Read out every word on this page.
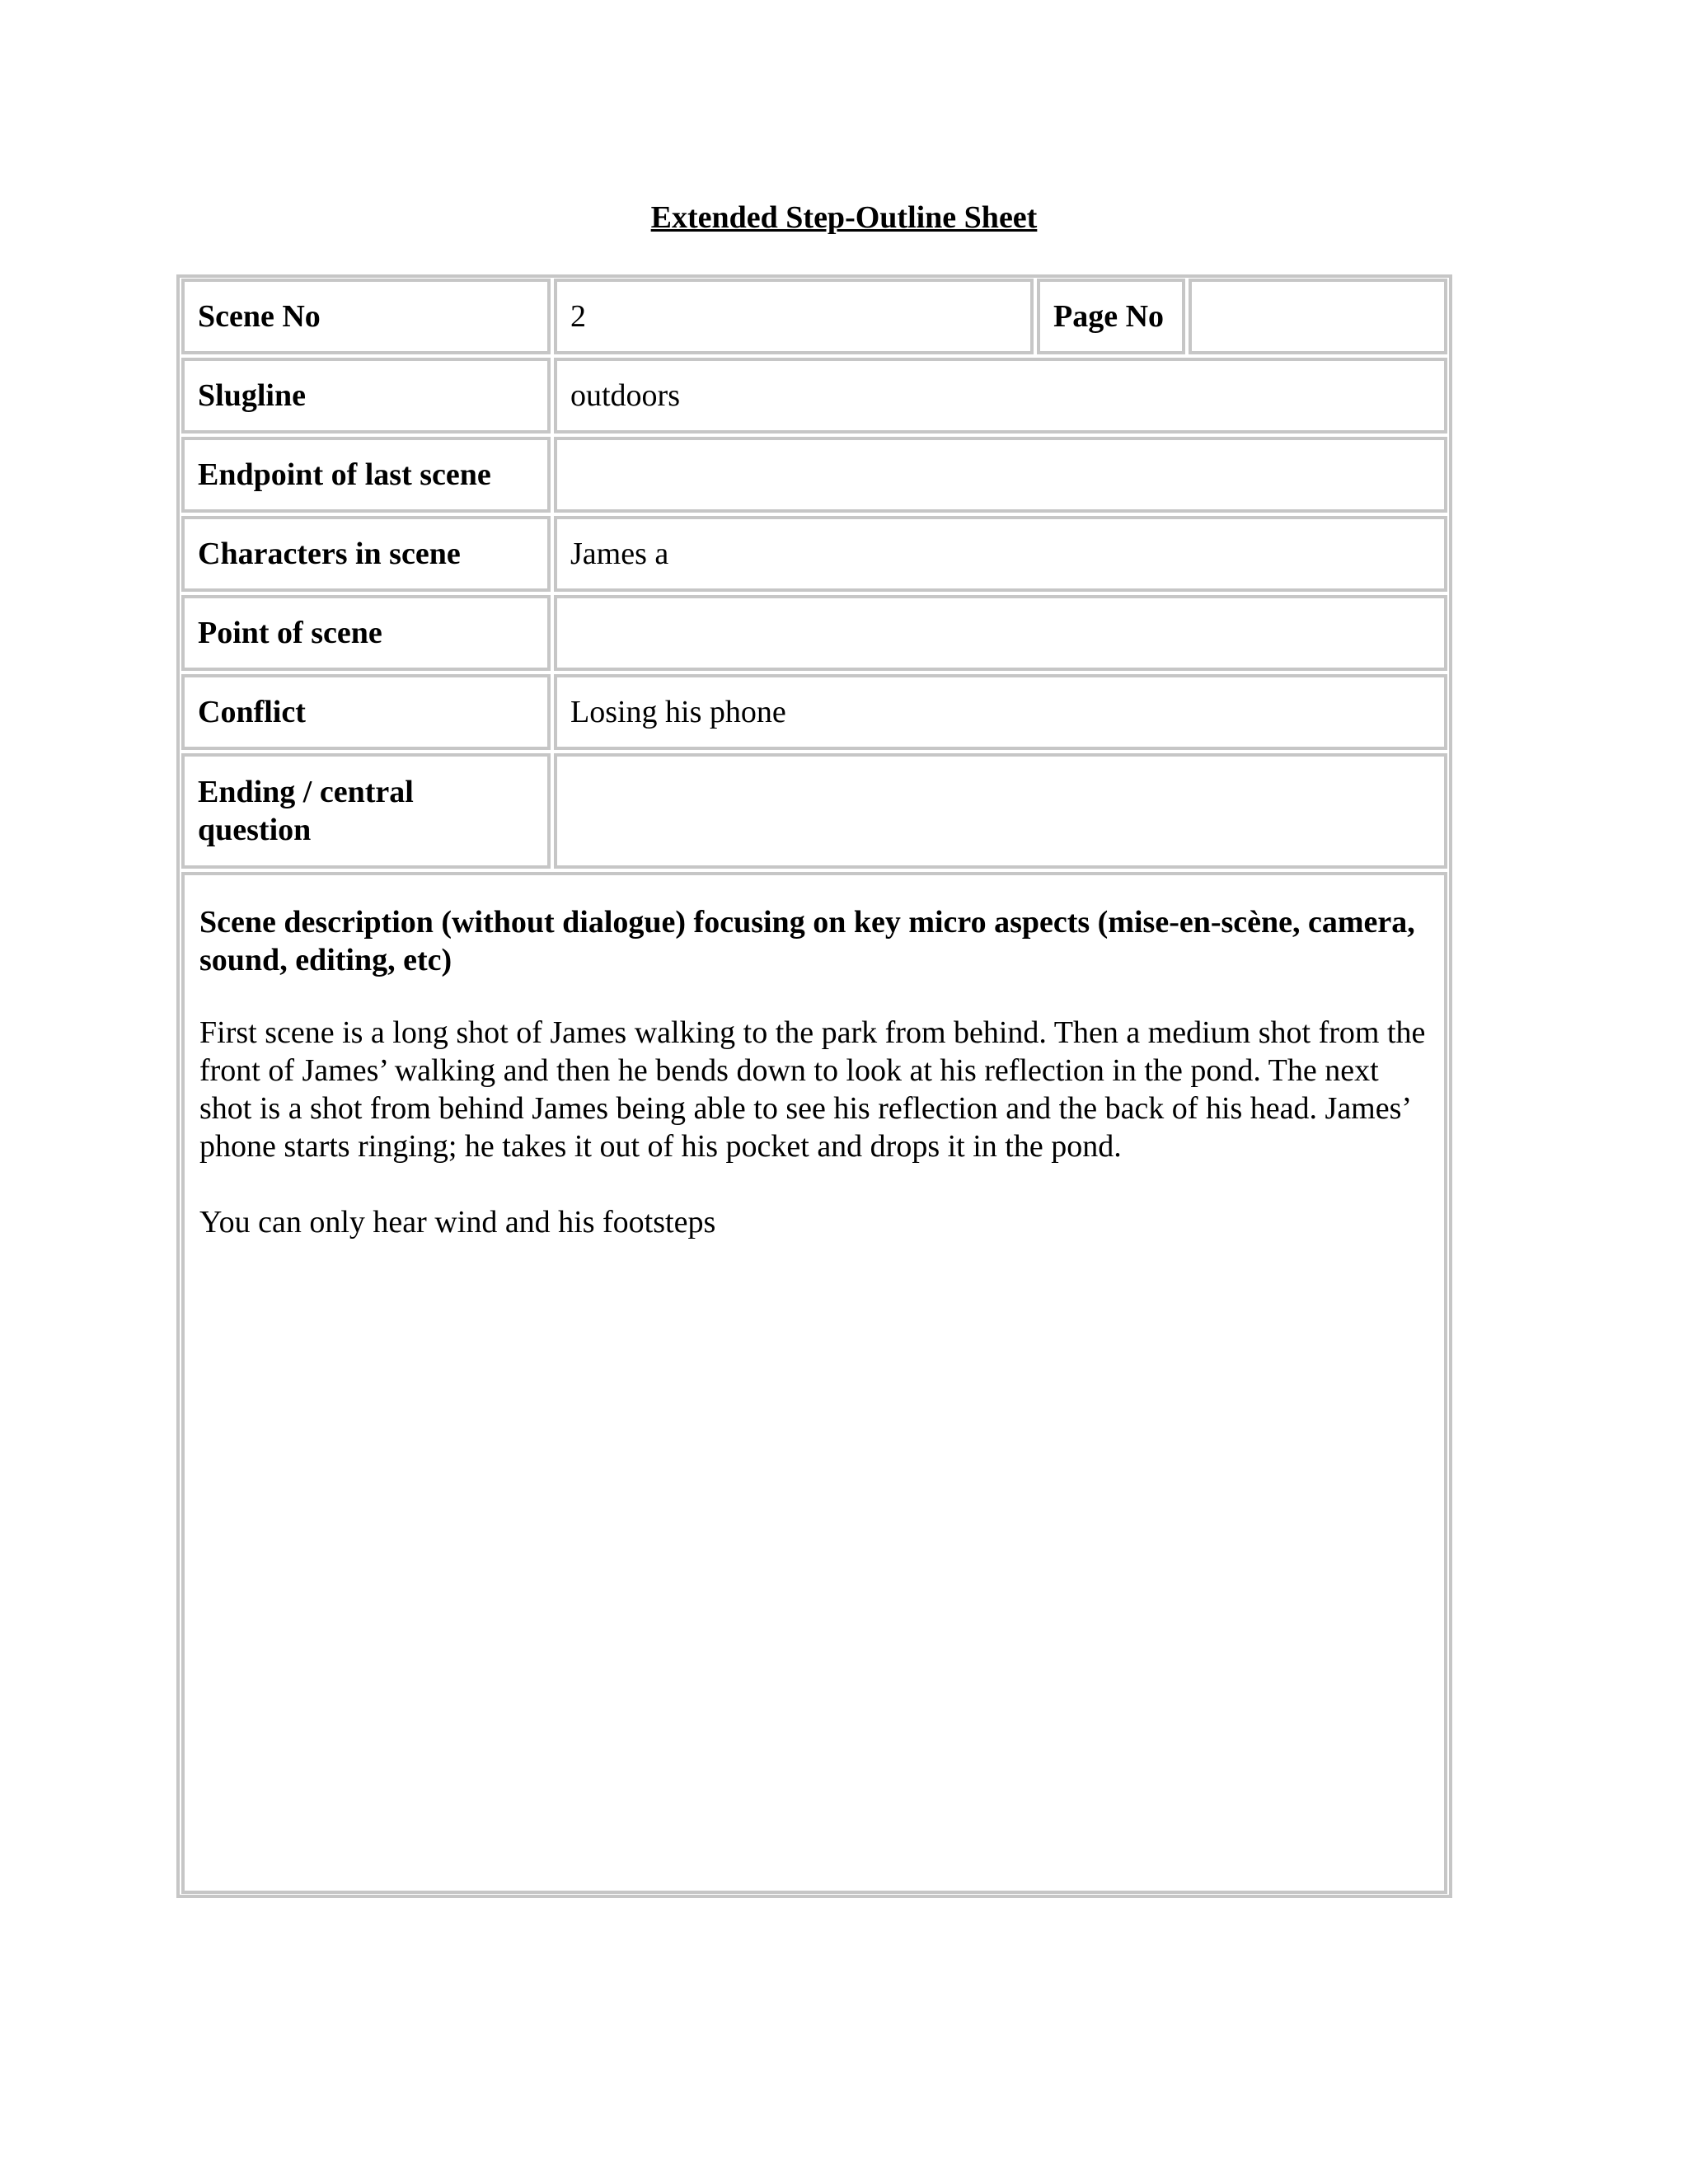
Extended Step-Outline Sheet
Scene No	2	Page No
Slugline	outdoors
Endpoint of last scene
Characters in scene	James a
Point of scene
Conflict	Losing his phone
Ending / central question
Scene description (without dialogue) focusing on key micro aspects (mise-en-scène, camera, sound, editing, etc)

First scene is a long shot of James walking to the park from behind. Then a medium shot from the front of James’ walking and then he bends down to look at his reflection in the pond. The next shot is a shot from behind James being able to see his reflection and the back of his head. James’ phone starts ringing; he takes it out of his pocket and drops it in the pond.

You can only hear wind and his footsteps
